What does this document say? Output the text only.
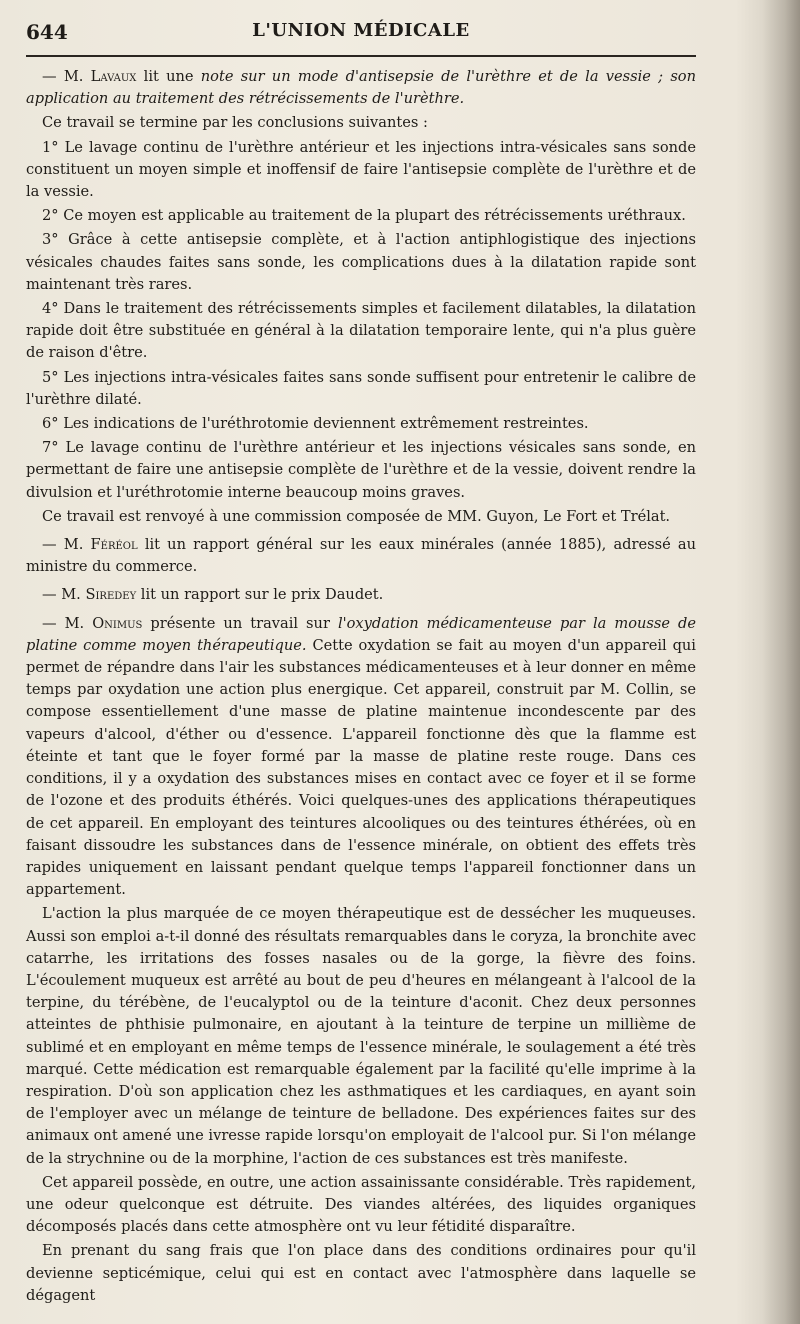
644	L'UNION MÉDICALE

— M. Lavaux lit une note sur un mode d'antisepsie de l'urèthre et de la vessie ; son application au traitement des rétrécissements de l'urèthre.

Ce travail se termine par les conclusions suivantes :

1° Le lavage continu de l'urèthre antérieur et les injections intra-vésicales sans sonde constituent un moyen simple et inoffensif de faire l'antisepsie complète de l'urèthre et de la vessie.

2° Ce moyen est applicable au traitement de la plupart des rétrécissements uréthraux.

3° Grâce à cette antisepsie complète, et à l'action antiphlogistique des injections vésicales chaudes faites sans sonde, les complications dues à la dilatation rapide sont maintenant très rares.

4° Dans le traitement des rétrécissements simples et facilement dilatables, la dilatation rapide doit être substituée en général à la dilatation temporaire lente, qui n'a plus guère de raison d'être.

5° Les injections intra-vésicales faites sans sonde suffisent pour entretenir le calibre de l'urèthre dilaté.

6° Les indications de l'uréthrotomie deviennent extrêmement restreintes.

7° Le lavage continu de l'urèthre antérieur et les injections vésicales sans sonde, en permettant de faire une antisepsie complète de l'urèthre et de la vessie, doivent rendre la divulsion et l'uréthrotomie interne beaucoup moins graves.

Ce travail est renvoyé à une commission composée de MM. Guyon, Le Fort et Trélat.

— M. Féréol lit un rapport général sur les eaux minérales (année 1885), adressé au ministre du commerce.

— M. Siredey lit un rapport sur le prix Daudet.

— M. Onimus présente un travail sur l'oxydation médicamenteuse par la mousse de platine comme moyen thérapeutique. Cette oxydation se fait au moyen d'un appareil qui permet de répandre dans l'air les substances médicamenteuses et à leur donner en même temps par oxydation une action plus energique. Cet appareil, construit par M. Collin, se compose essentiellement d'une masse de platine maintenue incondescente par des vapeurs d'alcool, d'éther ou d'essence. L'appareil fonctionne dès que la flamme est éteinte et tant que le foyer formé par la masse de platine reste rouge. Dans ces conditions, il y a oxydation des substances mises en contact avec ce foyer et il se forme de l'ozone et des produits éthérés. Voici quelques-unes des applications thérapeutiques de cet appareil. En employant des teintures alcooliques ou des teintures éthérées, où en faisant dissoudre les substances dans de l'essence minérale, on obtient des effets très rapides uniquement en laissant pendant quelque temps l'appareil fonctionner dans un appartement.

L'action la plus marquée de ce moyen thérapeutique est de dessécher les muqueuses. Aussi son emploi a-t-il donné des résultats remarquables dans le coryza, la bronchite avec catarrhe, les irritations des fosses nasales ou de la gorge, la fièvre des foins. L'écoulement muqueux est arrêté au bout de peu d'heures en mélangeant à l'alcool de la terpine, du térébène, de l'eucalyptol ou de la teinture d'aconit. Chez deux personnes atteintes de phthisie pulmonaire, en ajoutant à la teinture de terpine un millième de sublimé et en employant en même temps de l'essence minérale, le soulagement a été très marqué. Cette médication est remarquable également par la facilité qu'elle imprime à la respiration. D'où son application chez les asthmatiques et les cardiaques, en ayant soin de l'employer avec un mélange de teinture de belladone. Des expériences faites sur des animaux ont amené une ivresse rapide lorsqu'on employait de l'alcool pur. Si l'on mélange de la strychnine ou de la morphine, l'action de ces substances est très manifeste.

Cet appareil possède, en outre, une action assainissante considérable. Très rapidement, une odeur quelconque est détruite. Des viandes altérées, des liquides organiques décomposés placés dans cette atmosphère ont vu leur fétidité disparaître.

En prenant du sang frais que l'on place dans des conditions ordinaires pour qu'il devienne septicémique, celui qui est en contact avec l'atmosphère dans laquelle se dégagent
